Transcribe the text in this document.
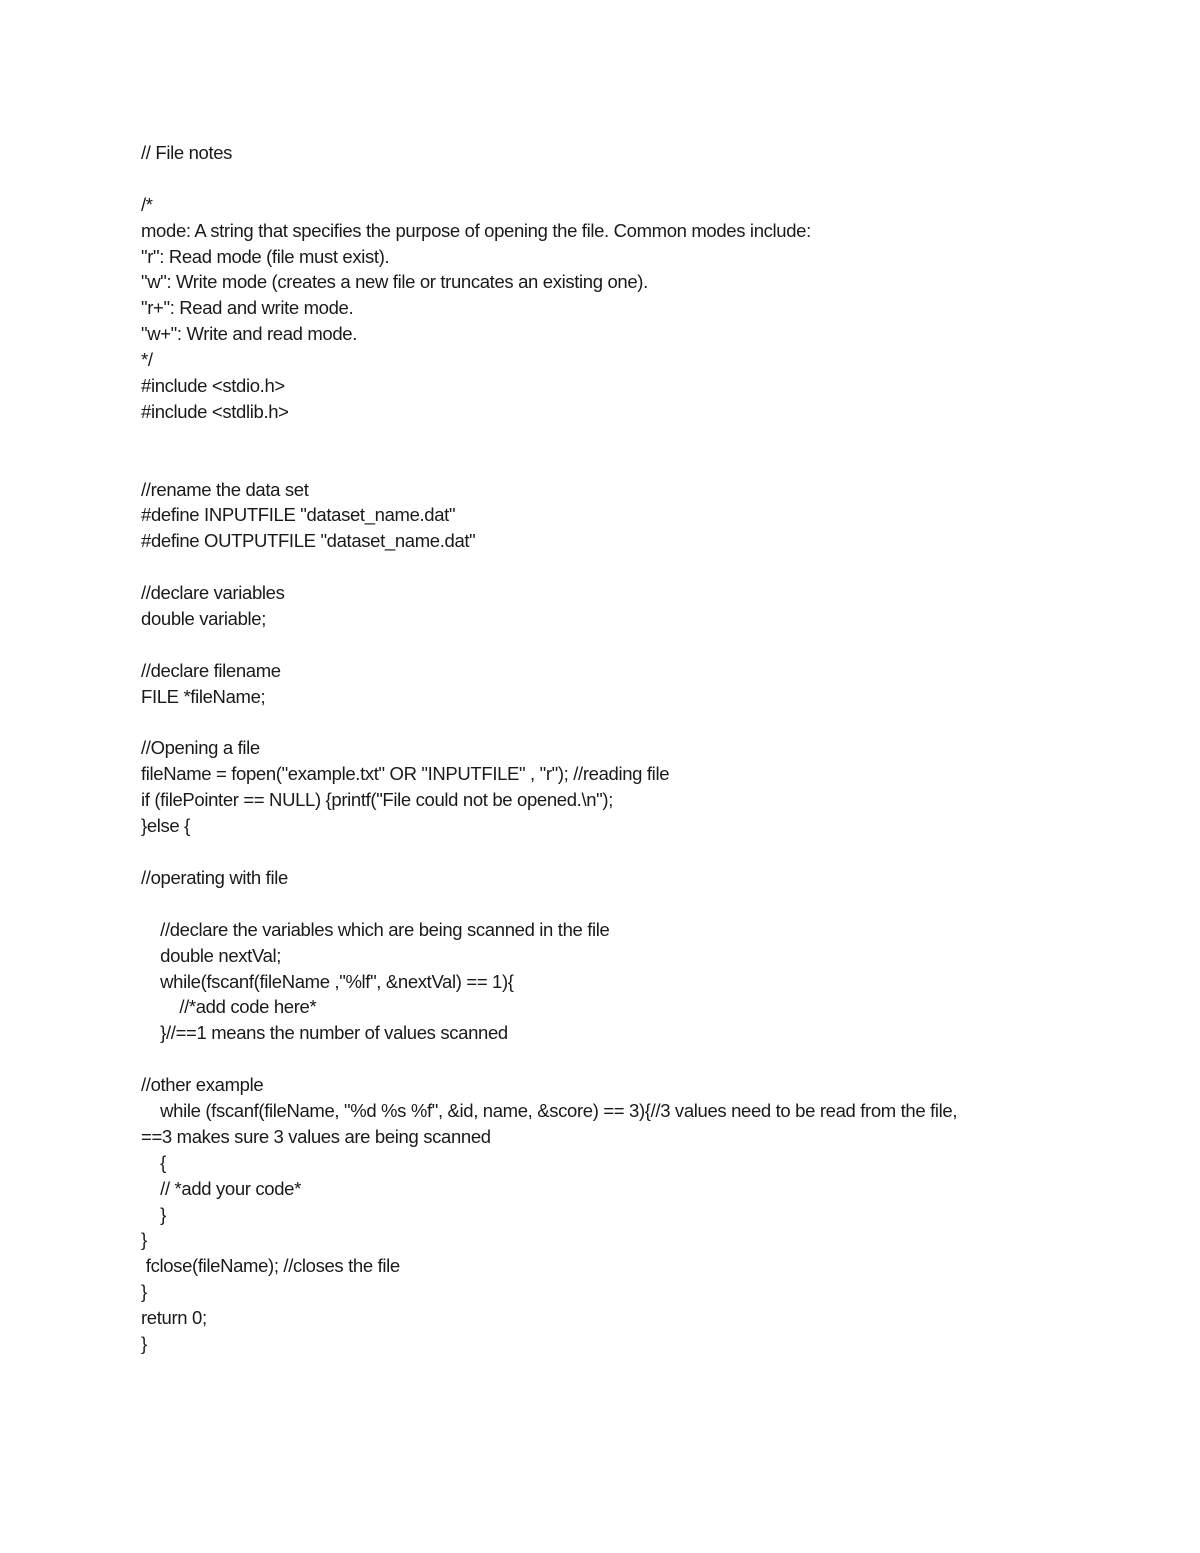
// File notes
/*
mode: A string that specifies the purpose of opening the file. Common modes include:
"r": Read mode (file must exist).
"w": Write mode (creates a new file or truncates an existing one).
"r+": Read and write mode.
"w+": Write and read mode.
*/
#include <stdio.h>
#include <stdlib.h>
//rename the data set
#define INPUTFILE "dataset_name.dat"
#define OUTPUTFILE "dataset_name.dat"
//declare variables
double variable;
//declare filename
FILE *fileName;
//Opening a file
fileName = fopen("example.txt" OR "INPUTFILE" , "r"); //reading file
if (filePointer == NULL) {printf("File could not be opened.\n");
}else {
//operating with file
//declare the variables which are being scanned in the file
double nextVal;
while(fscanf(fileName ,"%lf", &nextVal) == 1){
//*add code here*
}//==1 means the number of values scanned
//other example
while (fscanf(fileName, "%d %s %f", &id, name, &score) == 3){//3 values need to be read from the file,
==3 makes sure 3 values are being scanned
{
// *add your code*
}
}
fclose(fileName); //closes the file
}
return 0;
}
